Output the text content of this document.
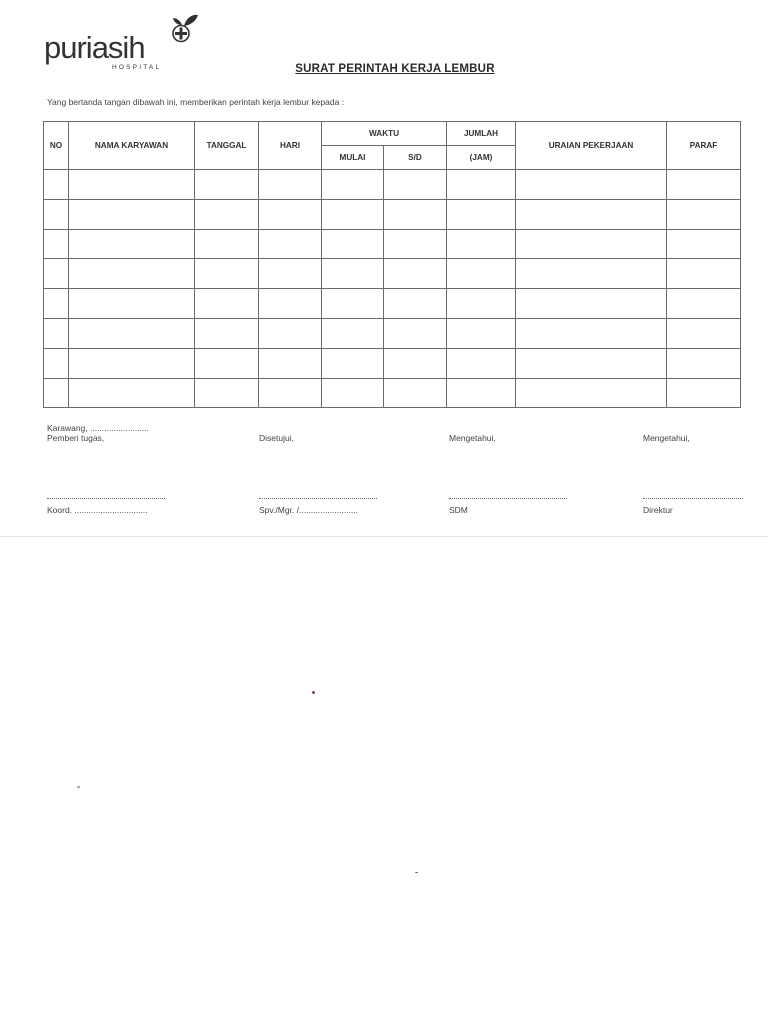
puriasih
HOSPITAL	SURAT PERINTAH KERJA LEMBUR
Yang bertanda tangan dibawah ini, memberikan perintah kerja lembur kepada :
NO	NAMA KARYAWAN	TANGGAL	HARI	WAKTU		JUMLAH	URAIAN PEKERJAAN	PARAF
				MULAI	S/D	(JAM)		

Karawang, .........................
Pemberi tugas,	Disetujui,	Mengetahui,	Mengetahui,
Koord. ...............................	Spv./Mgr. /.........................	SDM	Direktur
